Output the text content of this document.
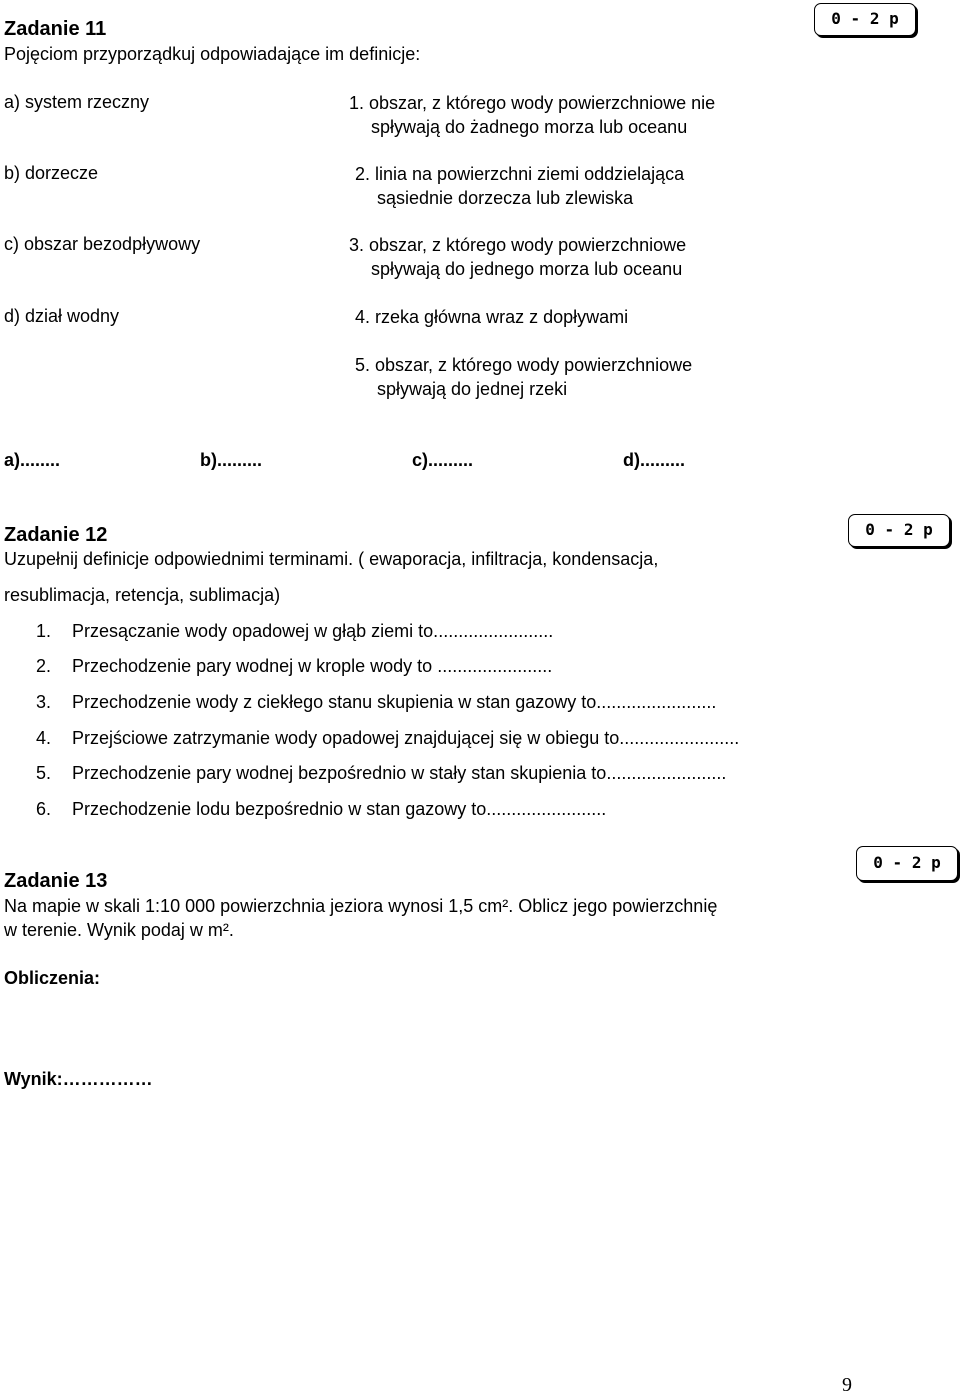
Zadanie 11
Pojęciom przyporządkuj odpowiadające im definicje:
0 - 2 p
a) system rzeczny
b) dorzecze
c) obszar bezodpływowy
d) dział wodny
1. obszar, z którego wody powierzchniowe nie
spływają do żadnego morza lub oceanu
2. linia na powierzchni ziemi oddzielająca
sąsiednie dorzecza lub zlewiska
3. obszar, z którego wody powierzchniowe
spływają do jednego morza lub oceanu
4. rzeka główna wraz z dopływami
5. obszar, z którego wody powierzchniowe
spływają do jednej rzeki
a)........	b).........	c).........	d).........
Zadanie 12	0 - 2 p
Uzupełnij definicje odpowiednimi terminami. ( ewaporacja, infiltracja, kondensacja,
resublimacja, retencja, sublimacja)
1. Przesączanie wody opadowej w głąb ziemi to........................
2. Przechodzenie pary wodnej w krople wody to .......................
3. Przechodzenie wody z ciekłego stanu skupienia w stan gazowy to........................
4. Przejściowe zatrzymanie wody opadowej znajdującej się w obiegu to........................
5. Przechodzenie pary wodnej bezpośrednio w stały stan skupienia to........................
6. Przechodzenie lodu bezpośrednio w stan gazowy to........................
Zadanie 13
0 - 2 p
Na mapie w skali 1:10 000 powierzchnia jeziora wynosi 1,5 cm². Oblicz jego powierzchnię
w terenie. Wynik podaj w m².
Obliczenia:
Wynik:……………
9
